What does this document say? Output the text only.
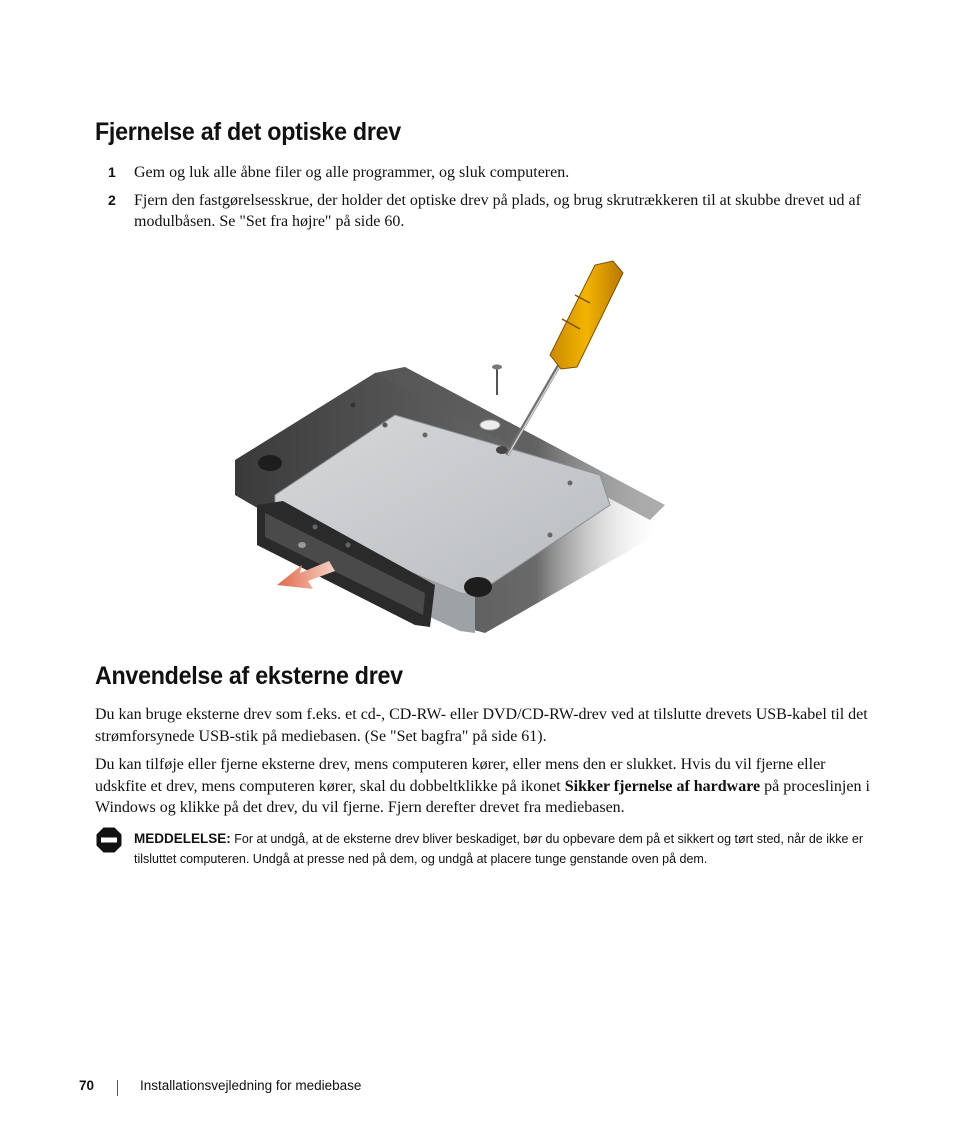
Fjernelse af det optiske drev
1 Gem og luk alle åbne filer og alle programmer, og sluk computeren.
2 Fjern den fastgørelsesskrue, der holder det optiske drev på plads, og brug skrutrækkeren til at skubbe drevet ud af modulbåsen. Se "Set fra højre" på side 60.
Anvendelse af eksterne drev

Du kan bruge eksterne drev som f.eks. et cd-, CD-RW- eller DVD/CD-RW-drev ved at tilslutte drevets USB-kabel til det strømforsynede USB-stik på mediebasen. (Se "Set bagfra" på side 61).

Du kan tilføje eller fjerne eksterne drev, mens computeren kører, eller mens den er slukket. Hvis du vil fjerne eller udskfite et drev, mens computeren kører, skal du dobbeltklikke på ikonet Sikker fjernelse af hardware på proceslinjen i Windows og klikke på det drev, du vil fjerne. Fjern derefter drevet fra mediebasen.

MEDDELELSE: For at undgå, at de eksterne drev bliver beskadiget, bør du opbevare dem på et sikkert og tørt sted, når de ikke er tilsluttet computeren. Undgå at presse ned på dem, og undgå at placere tunge genstande oven på dem.
70	Installationsvejledning for mediebase
